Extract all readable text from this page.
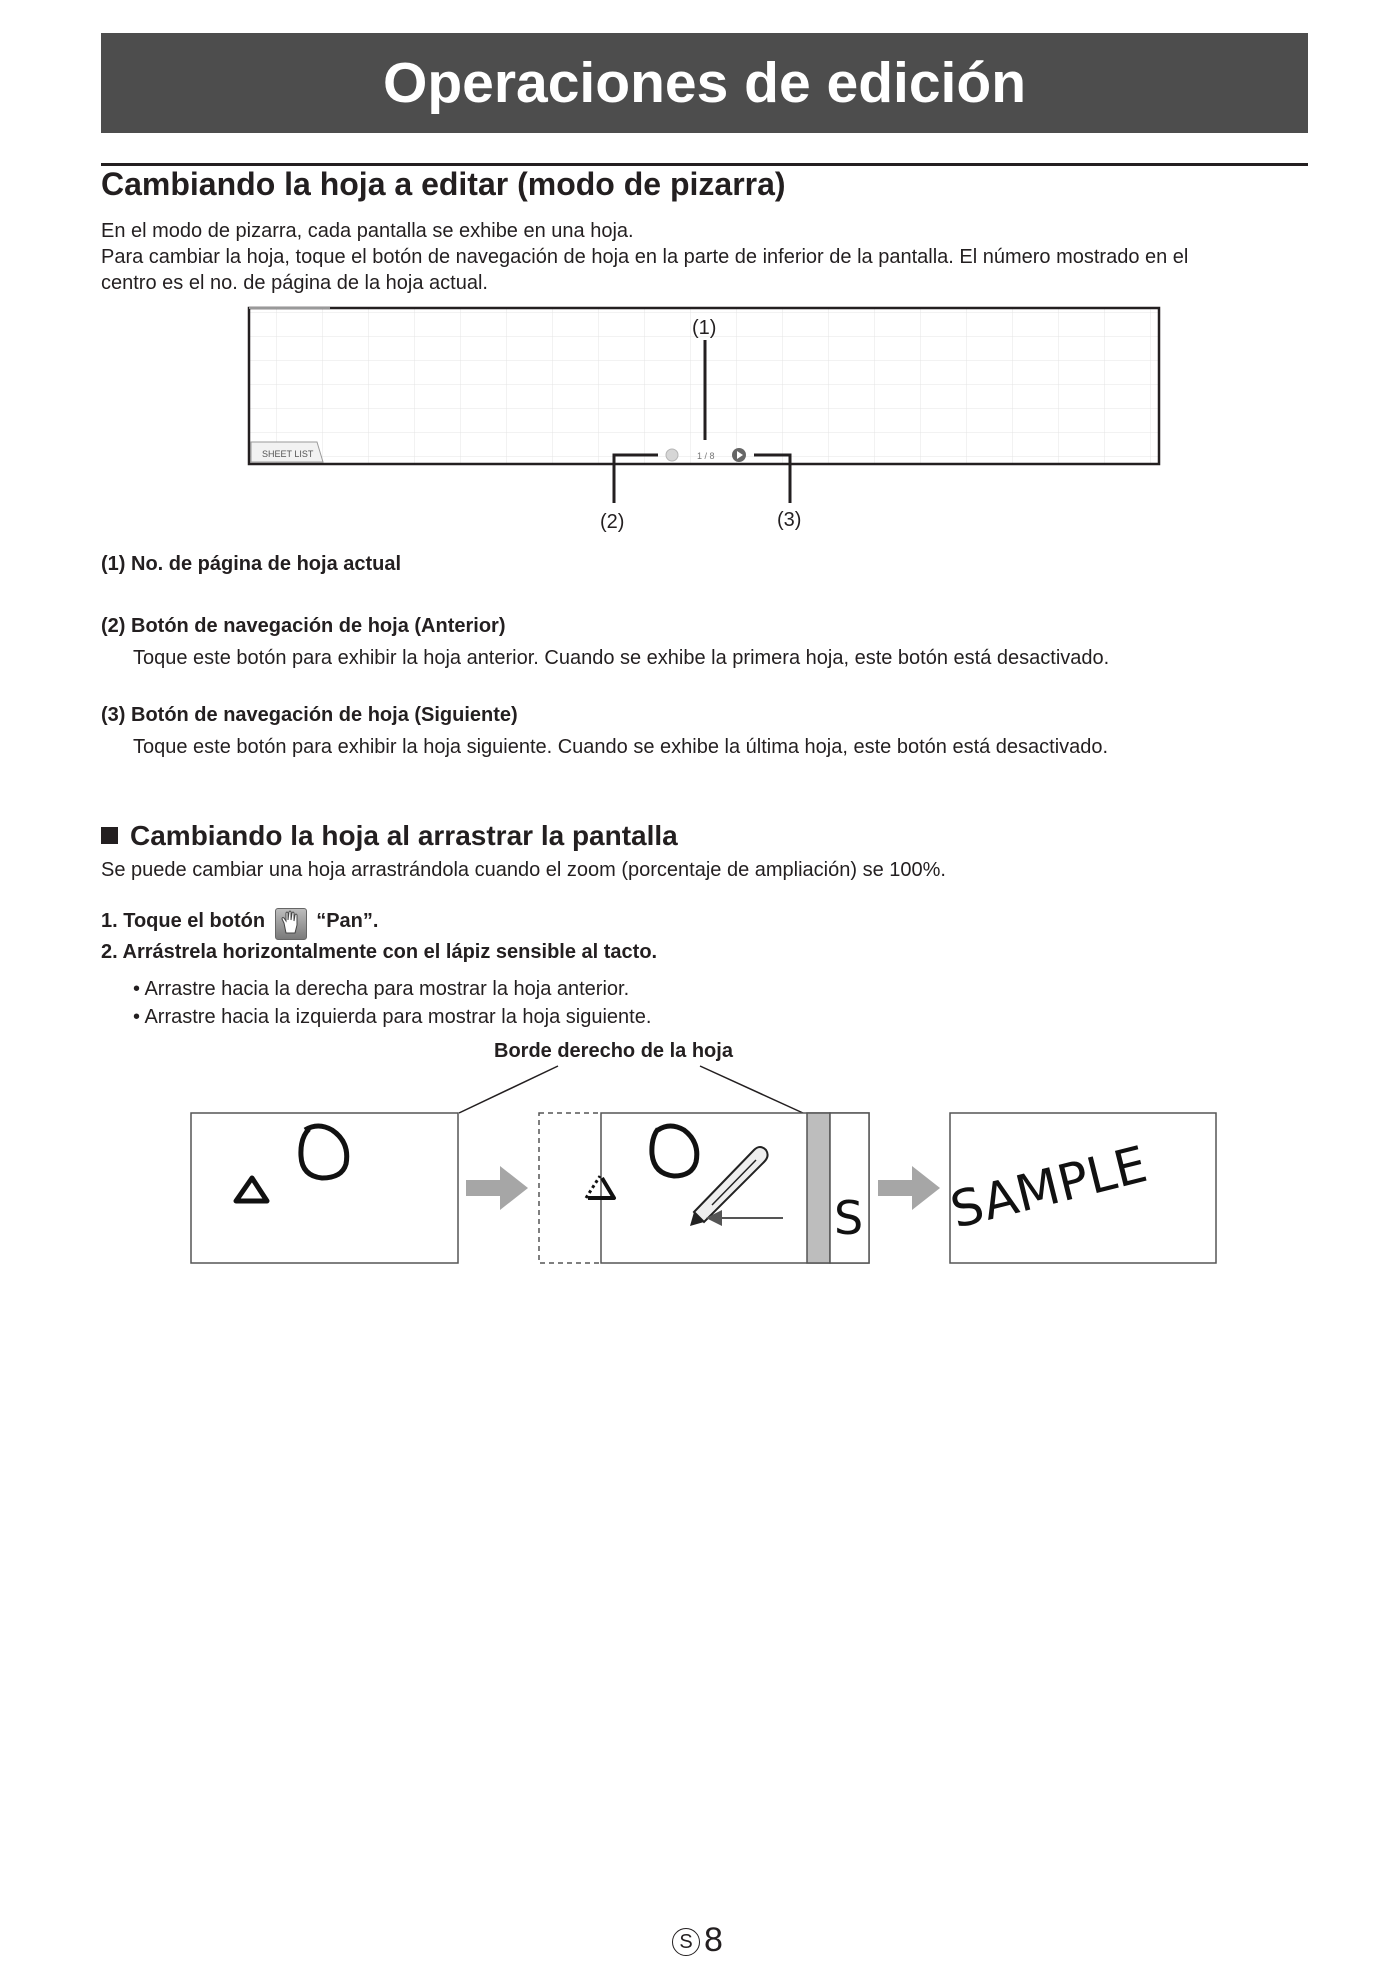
Operaciones de edición
Cambiando la hoja a editar (modo de pizarra)
En el modo de pizarra, cada pantalla se exhibe en una hoja.
Para cambiar la hoja, toque el botón de navegación de hoja en la parte de inferior de la pantalla. El número mostrado en el
centro es el no. de página de la hoja actual.
SHEET LIST	1 / 8
(1)
(2)	(3)
(1) No. de página de hoja actual
(2) Botón de navegación de hoja (Anterior)
Toque este botón para exhibir la hoja anterior. Cuando se exhibe la primera hoja, este botón está desactivado.
(3) Botón de navegación de hoja (Siguiente)
Toque este botón para exhibir la hoja siguiente. Cuando se exhibe la última hoja, este botón está desactivado.
Cambiando la hoja al arrastrar la pantalla
Se puede cambiar una hoja arrastrándola cuando el zoom (porcentaje de ampliación) se 100%.
1. Toque el botón	“Pan”.
2. Arrástrela horizontalmente con el lápiz sensible al tacto.
• Arrastre hacia la derecha para mostrar la hoja anterior.
• Arrastre hacia la izquierda para mostrar la hoja siguiente.
Borde derecho de la hoja
S SAMPLE
S 8
